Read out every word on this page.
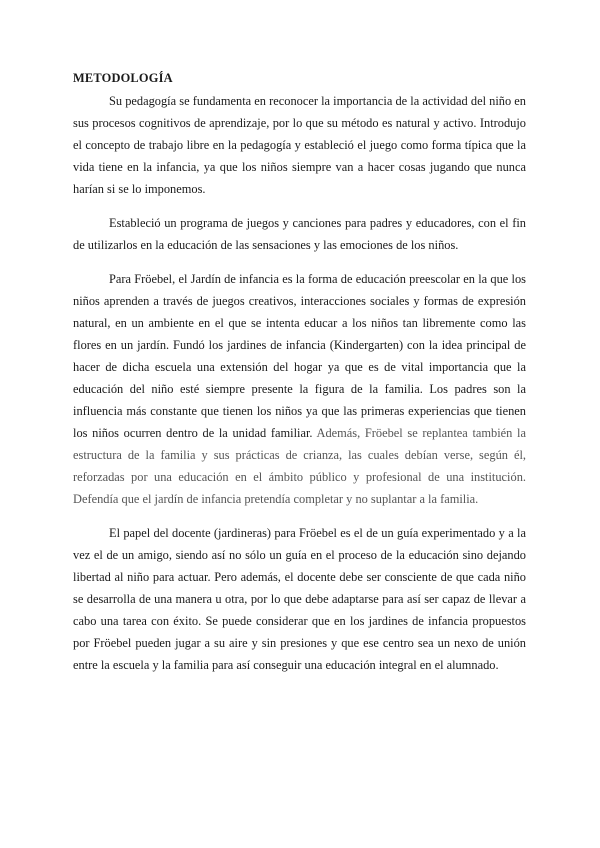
METODOLOGÍA

Su pedagogía se fundamenta en reconocer la importancia de la actividad del niño en sus procesos cognitivos de aprendizaje, por lo que su método es natural y activo. Introdujo el concepto de trabajo libre en la pedagogía y estableció el juego como forma típica que la vida tiene en la infancia, ya que los niños siempre van a hacer cosas jugando que nunca harían si se lo imponemos.

Estableció un programa de juegos y canciones para padres y educadores, con el fin de utilizarlos en la educación de las sensaciones y las emociones de los niños.

Para Fröebel, el Jardín de infancia es la forma de educación preescolar en la que los niños aprenden a través de juegos creativos, interacciones sociales y formas de expresión natural, en un ambiente en el que se intenta educar a los niños tan libremente como las flores en un jardín. Fundó los jardines de infancia (Kindergarten) con la idea principal de hacer de dicha escuela una extensión del hogar ya que es de vital importancia que la educación del niño esté siempre presente la figura de la familia. Los padres son la influencia más constante que tienen los niños ya que las primeras experiencias que tienen los niños ocurren dentro de la unidad familiar. Además, Fröebel se replantea también la estructura de la familia y sus prácticas de crianza, las cuales debían verse, según él, reforzadas por una educación en el ámbito público y profesional de una institución. Defendía que el jardín de infancia pretendía completar y no suplantar a la familia.

El papel del docente (jardineras) para Fröebel es el de un guía experimentado y a la vez el de un amigo, siendo así no sólo un guía en el proceso de la educación sino dejando libertad al niño para actuar. Pero además, el docente debe ser consciente de que cada niño se desarrolla de una manera u otra, por lo que debe adaptarse para así ser capaz de llevar a cabo una tarea con éxito. Se puede considerar que en los jardines de infancia propuestos por Fröebel pueden jugar a su aire y sin presiones y que ese centro sea un nexo de unión entre la escuela y la familia para así conseguir una educación integral en el alumnado.
